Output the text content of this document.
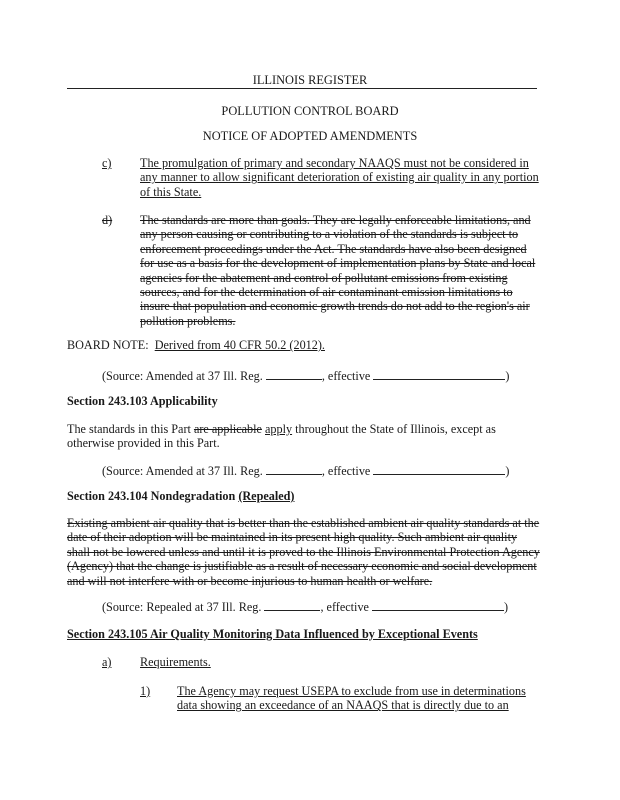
ILLINOIS REGISTER
POLLUTION CONTROL BOARD
NOTICE OF ADOPTED AMENDMENTS
c) The promulgation of primary and secondary NAAQS must not be considered in
any manner to allow significant deterioration of existing air quality in any portion
of this State.
d) The standards are more than goals. They are legally enforceable limitations, and
any person causing or contributing to a violation of the standards is subject to
enforcement proceedings under the Act. The standards have also been designed
for use as a basis for the development of implementation plans by State and local
agencies for the abatement and control of pollutant emissions from existing
sources, and for the determination of air contaminant emission limitations to
insure that population and economic growth trends do not add to the region's air
pollution problems.
BOARD NOTE: Derived from 40 CFR 50.2 (2012).
(Source: Amended at 37 Ill. Reg.	, effective	)
Section 243.103 Applicability
The standards in this Part are applicable apply throughout the State of Illinois, except as
otherwise provided in this Part.
(Source: Amended at 37 Ill. Reg.	, effective	)
Section 243.104 Nondegradation (Repealed)
Existing ambient air quality that is better than the established ambient air quality standards at the
date of their adoption will be maintained in its present high quality. Such ambient air quality
shall not be lowered unless and until it is proved to the Illinois Environmental Protection Agency
(Agency) that the change is justifiable as a result of necessary economic and social development
and will not interfere with or become injurious to human health or welfare.
(Source: Repealed at 37 Ill. Reg.	, effective	)
Section 243.105 Air Quality Monitoring Data Influenced by Exceptional Events
a) Requirements.
1) The Agency may request USEPA to exclude from use in determinations
data showing an exceedance of an NAAQS that is directly due to an
